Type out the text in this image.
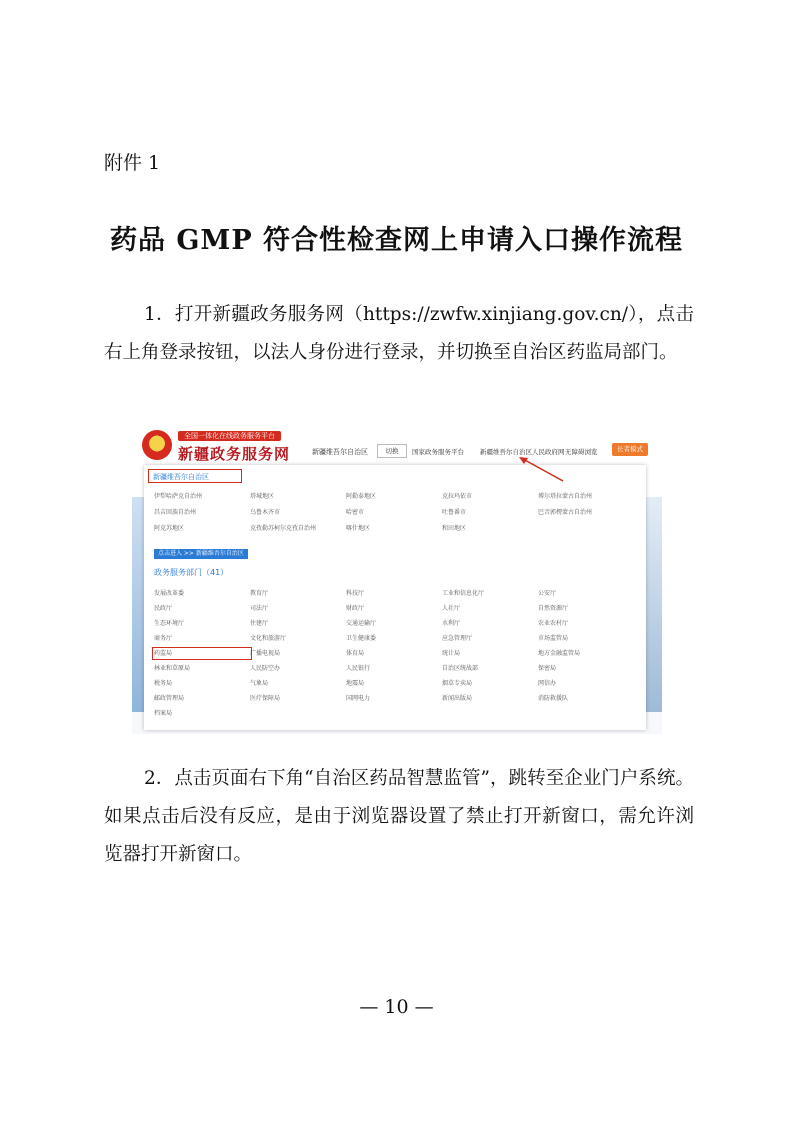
附件 1
药品 GMP 符合性检查网上申请入口操作流程
1．打开新疆政务服务网（https://zwfw.xinjiang.gov.cn/），点击右上角登录按钮，以法人身份进行登录，并切换至自治区药监局部门。
全国一体化在线政务服务平台
新疆政务服务网	新疆维吾尔自治区	切换	国家政务服务平台 新疆维吾尔自治区人民政府网 无障碍浏览	长者模式
新疆维吾尔自治区
伊犁哈萨克自治州	塔城地区	阿勒泰地区	克拉玛依市	博尔塔拉蒙古自治州
昌吉回族自治州	乌鲁木齐市	哈密市	吐鲁番市	巴音郭楞蒙古自治州
阿克苏地区	克孜勒苏柯尔克孜自治州	喀什地区	和田地区
点击进入 >> 新疆维吾尔自治区
政务服务部门（41）
发展改革委	教育厅	科技厅	工业和信息化厅	公安厅
民政厅	司法厅	财政厅	人社厅	自然资源厅
生态环境厅	住建厅	交通运输厅	水利厅	农业农村厅
商务厅	文化和旅游厅	卫生健康委	应急管理厅	市场监管局
药监局	广播电视局	体育局	统计局	地方金融监管局
林业和草原局	人民防空办	人民银行	自治区统战部	保密局
税务局	气象局	地震局	烟草专卖局	网信办
邮政管理局	医疗保障局	国网电力	新闻出版局	消防救援队
档案局
2．点击页面右下角“自治区药品智慧监管”，跳转至企业门户系统。如果点击后没有反应，是由于浏览器设置了禁止打开新窗口，需允许浏览器打开新窗口。
— 10 —
